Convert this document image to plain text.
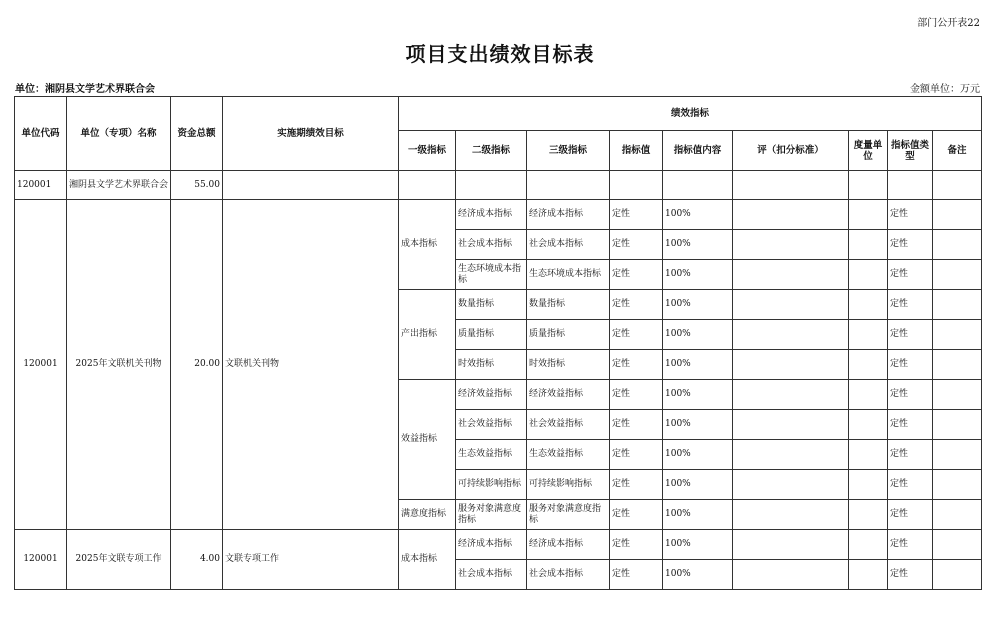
部门公开表22
项目支出绩效目标表
单位：湘阴县文学艺术界联合会	金额单位：万元
单位代码	单位（专项）名称	资金总额	实施期绩效目标	绩效指标								
				一级指标	二级指标	三级指标	指标值	指标值内容	评（扣分标准）	度量单位	指标值类型	备注
120001	湘阴县文学艺术界联合会	55.00										
120001	2025年文联机关刊物	20.00	文联机关刊物	成本指标	经济成本指标	经济成本指标	定性	100%			定性	
					社会成本指标	社会成本指标	定性	100%			定性	
					生态环境成本指标	生态环境成本指标	定性	100%			定性	
				产出指标	数量指标	数量指标	定性	100%			定性	
					质量指标	质量指标	定性	100%			定性	
					时效指标	时效指标	定性	100%			定性	
				效益指标	经济效益指标	经济效益指标	定性	100%			定性	
					社会效益指标	社会效益指标	定性	100%			定性	
					生态效益指标	生态效益指标	定性	100%			定性	
					可持续影响指标	可持续影响指标	定性	100%			定性	
				满意度指标	服务对象满意度指标	服务对象满意度指标	定性	100%			定性	
120001	2025年文联专项工作	4.00	文联专项工作	成本指标	经济成本指标	经济成本指标	定性	100%			定性	
					社会成本指标	社会成本指标	定性	100%			定性	
